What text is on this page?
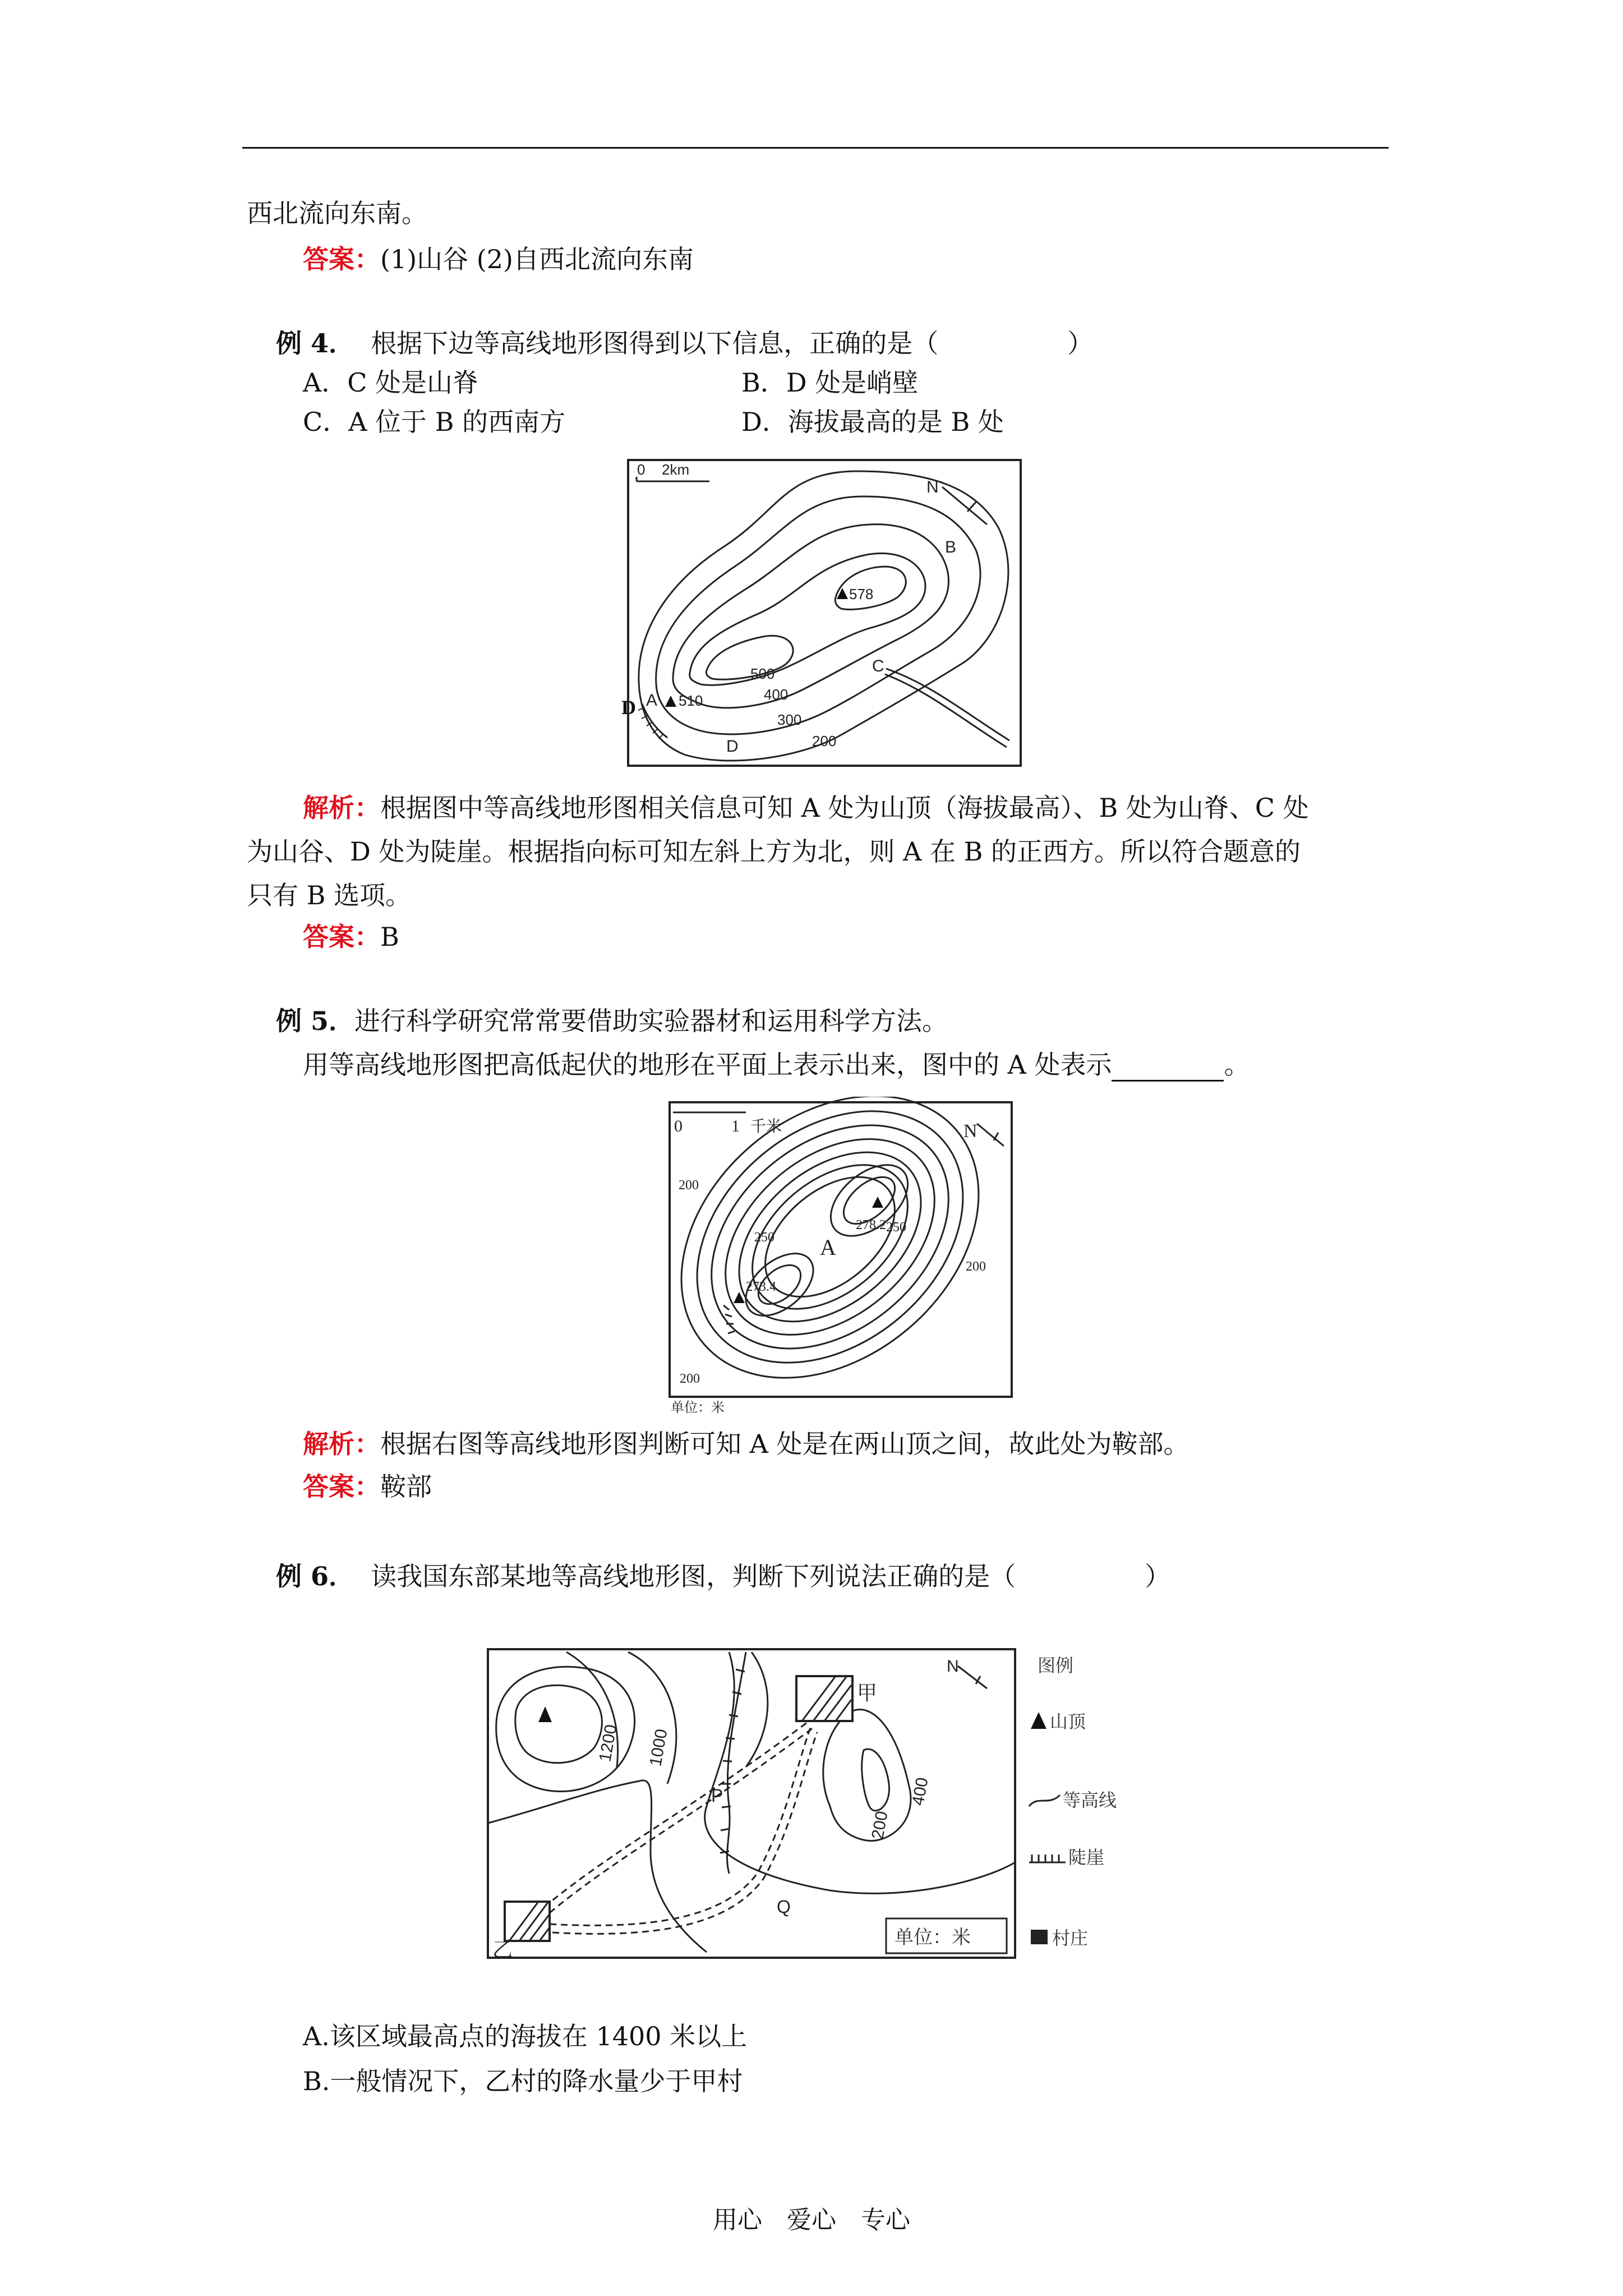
西北流向东南。
答案：(1)山谷 (2)自西北流向东南
例 4． 根据下边等高线地形图得到以下信息，正确的是（　　　　　）
A．C 处是山脊	B．D 处是峭壁
C．A 位于 B 的西南方	D．海拔最高的是 B 处
0 2km
N
578
A 510
B
C
D
D
500
400
300
200
解析：根据图中等高线地形图相关信息可知 A 处为山顶（海拔最高）、B 处为山脊、C 处
为山谷、D 处为陡崖。根据指向标可知左斜上方为北，则 A 在 B 的正西方。所以符合题意的
只有 B 选项。
答案：B
例 5．进行科学研究常常要借助实验器材和运用科学方法。
用等高线地形图把高低起伏的地形在平面上表示出来，图中的 A 处表示	。
0	1 千米	N
278.2
273.4
A
200
250
250
200
200
单位：米
解析：根据右图等高线地形图判断可知 A 处是在两山顶之间，故此处为鞍部。
答案：鞍部
例 6． 读我国东部某地等高线地形图，判断下列说法正确的是（　　　　　）
甲
乙
P
Q
N
1200 1000
200
400
单位：米
图例
山顶
等高线
陡崖
村庄
A.该区域最高点的海拔在 1400 米以上
B.一般情况下，乙村的降水量少于甲村
用心 爱心 专心
